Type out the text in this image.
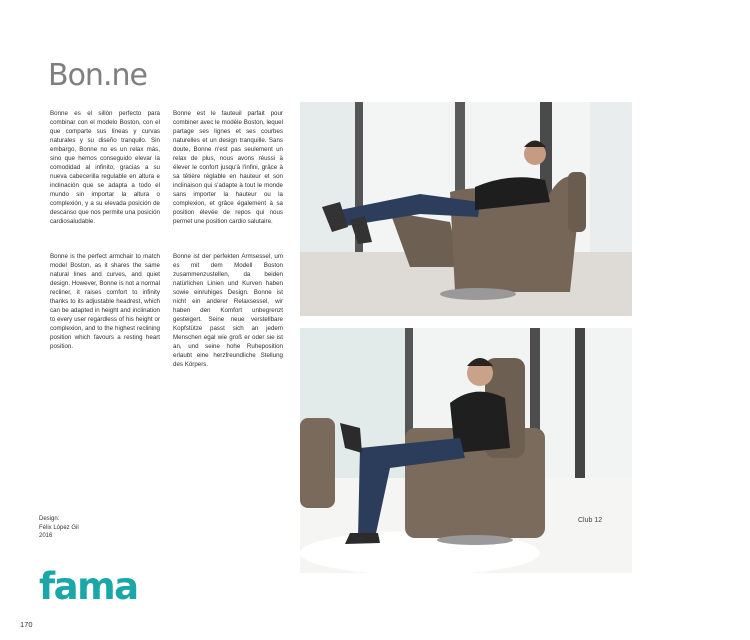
Bon.ne

Bonne es el sillón perfecto para combinar con el modelo Boston, con el que comparte sus líneas y curvas naturales y su diseño tranquilo. Sin embargo, Bonne no es un relax más, sino que hemos conseguido elevar la comodidad al infinito, gracias a su nueva cabecerilla regulable en altura e inclinación que se adapta a todo el mundo sin importar la altura o complexión, y a su elevada posición de descanso que nos permite una posición cardiosaludable.

Bonne is the perfect armchair to match model Boston, as it shares the same natural lines and curves, and quiet design. However, Bonne is not a normal recliner, it raises comfort to infinity thanks to its adjustable headrest, which can be adapted in height and inclination to every user regardless of his height or complexion, and to the highest reclining position which favours a resting heart position.

Bonne est le fauteuil parfait pour combiner avec le modèle Boston, lequel partage ses lignes et ses courbes naturelles et un design tranquille. Sans doute, Bonne n'est pas seulement un relax de plus, nous avons réussi à élever le confort jusqu'à l'infini, grâce à sa têtière réglable en hauteur et son inclinaison qui s'adapte à tout le monde sans importer la hauteur ou la complexion, et grâce également à sa position élevée de repos qui nous permet une position cardio salutaire.

Bonne ist der perfekten Armsessel, um es mit dem Modell Boston zusammenzustellen, da beiden natürlichen Linien und Kurven haben sowie einruhiges Design. Bonne ist nicht ein anderer Relaxsessel, wir haben den Komfort unbegrenzt gesteigert. Seine neue verstellbare Kopfstütze passt sich an jedem Menschen egal wie groß er oder sie ist an, und seine hohe Ruheposition erlaubt eine herzfreundliche Stellung des Körpers.

Club 12
Design:
Félix López Gil
2016
fama
170
